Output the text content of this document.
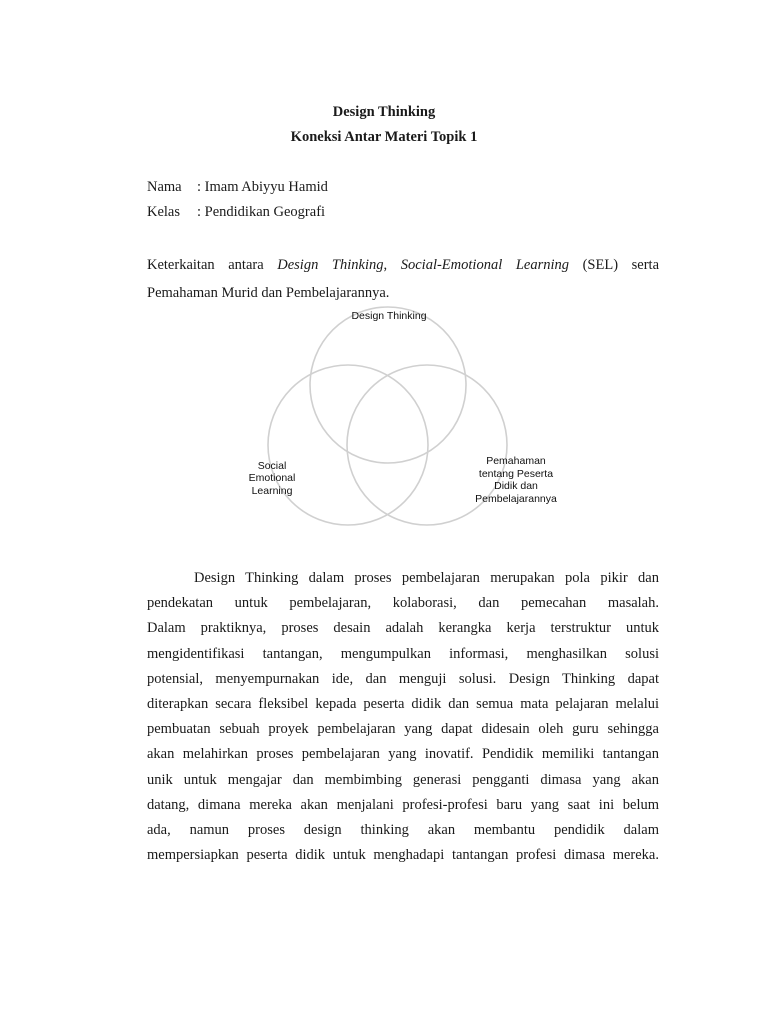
Design Thinking
Koneksi Antar Materi Topik 1
Nama : Imam Abiyyu Hamid
Kelas : Pendidikan Geografi
Keterkaitan antara Design Thinking, Social-Emotional Learning (SEL) serta
Pemahaman Murid dan Pembelajarannya.
Design Thinking
Social
Emotional
Learning
Pemahaman
tentang Peserta
Didik dan
Pembelajarannya
Design Thinking dalam proses pembelajaran merupakan pola pikir dan
pendekatan untuk pembelajaran, kolaborasi, dan pemecahan masalah.
Dalam praktiknya, proses desain adalah kerangka kerja terstruktur untuk
mengidentifikasi tantangan, mengumpulkan informasi, menghasilkan solusi
potensial, menyempurnakan ide, dan menguji solusi. Design Thinking dapat
diterapkan secara fleksibel kepada peserta didik dan semua mata pelajaran melalui
pembuatan sebuah proyek pembelajaran yang dapat didesain oleh guru sehingga
akan melahirkan proses pembelajaran yang inovatif. Pendidik memiliki tantangan
unik untuk mengajar dan membimbing generasi pengganti dimasa yang akan
datang, dimana mereka akan menjalani profesi-profesi baru yang saat ini belum
ada, namun proses design thinking akan membantu pendidik dalam
mempersiapkan peserta didik untuk menghadapi tantangan profesi dimasa mereka.
